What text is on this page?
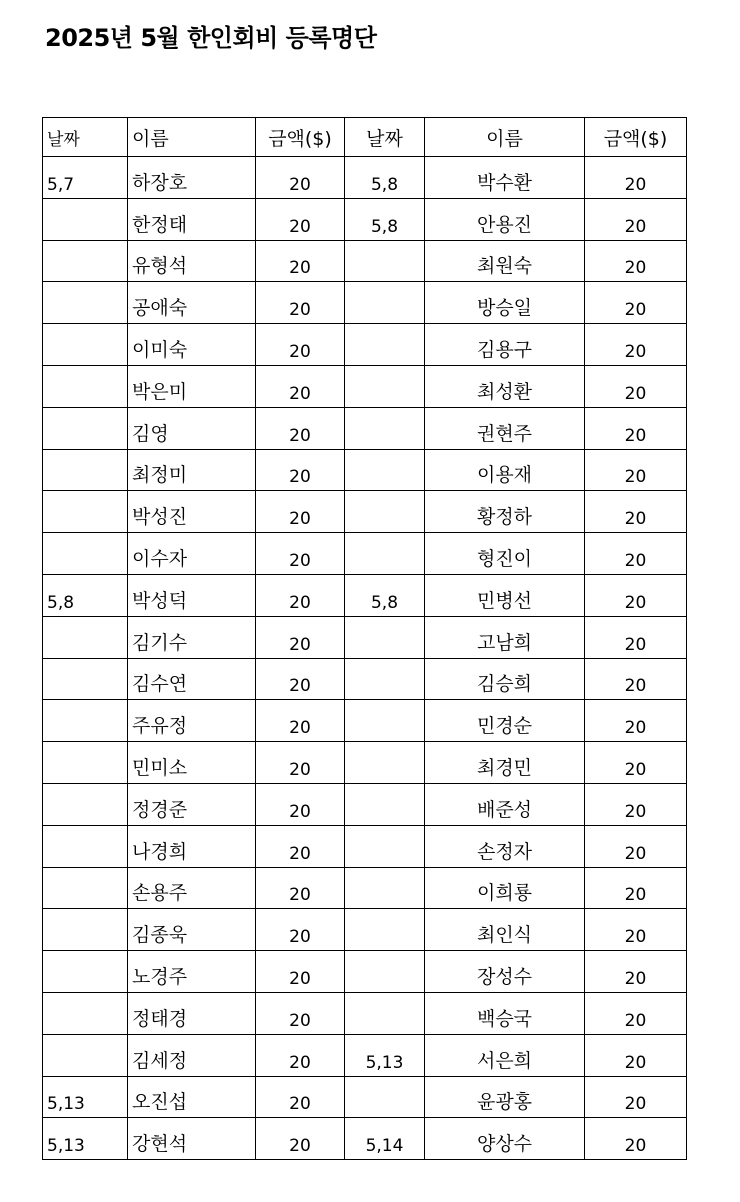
2025년 5월 한인회비 등록명단
날짜	이름	금액($)	날짜	이름	금액($)
5,7	하장호	20	5,8	박수환	20
	한정태	20	5,8	안용진	20
	유형석	20		최원숙	20
	공애숙	20		방승일	20
	이미숙	20		김용구	20
	박은미	20		최성환	20
	김영	20		권현주	20
	최정미	20		이용재	20
	박성진	20		황정하	20
	이수자	20		형진이	20
5,8	박성덕	20	5,8	민병선	20
	김기수	20		고남희	20
	김수연	20		김승희	20
	주유정	20		민경순	20
	민미소	20		최경민	20
	정경준	20		배준성	20
	나경희	20		손정자	20
	손용주	20		이희룡	20
	김종욱	20		최인식	20
	노경주	20		장성수	20
	정태경	20		백승국	20
	김세정	20	5,13	서은희	20
5,13	오진섭	20		윤광홍	20
5,13	강현석	20	5,14	양상수	20
